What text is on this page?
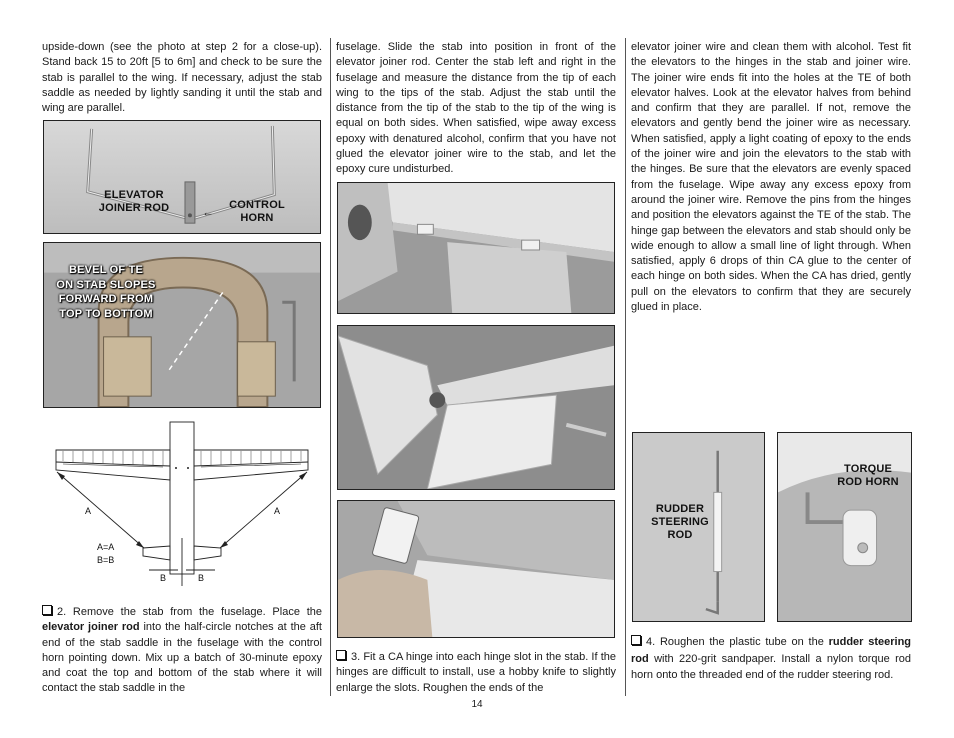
upside-down (see the photo at step 2 for a close-up). Stand back 15 to 20ft [5 to 6m] and check to be sure the stab is parallel to the wing. If necessary, adjust the stab saddle as needed by lightly sanding it until the stab and wing are parallel.

ELEVATOR
JOINER ROD	CONTROL
HORN
←
BEVEL OF TE
ON STAB SLOPES
FORWARD FROM
TOP TO BOTTOM
A	A
A=A
B=B
B	B

2. Remove the stab from the fuselage. Place the elevator joiner rod into the half-circle notches at the aft end of the stab saddle in the fuselage with the control horn pointing down. Mix up a batch of 30-minute epoxy and coat the top and bottom of the stab where it will contact the stab saddle in the

fuselage. Slide the stab into position in front of the elevator joiner rod. Center the stab left and right in the fuselage and measure the distance from the tip of each wing to the tips of the stab. Adjust the stab until the distance from the tip of the stab to the tip of the wing is equal on both sides. When satisfied, wipe away excess epoxy with denatured alcohol, confirm that you have not glued the elevator joiner wire to the stab, and let the epoxy cure undisturbed.

3. Fit a CA hinge into each hinge slot in the stab. If the hinges are difficult to install, use a hobby knife to slightly enlarge the slots. Roughen the ends of the

elevator joiner wire and clean them with alcohol. Test fit the elevators to the hinges in the stab and joiner wire. The joiner wire ends fit into the holes at the TE of both elevator halves. Look at the elevator halves from behind and confirm that they are parallel. If not, remove the elevators and gently bend the joiner wire as necessary. When satisfied, apply a light coating of epoxy to the ends of the joiner wire and join the elevators to the stab with the hinges. Be sure that the elevators are evenly spaced from the fuselage. Wipe away any excess epoxy from around the joiner wire. Remove the pins from the hinges and position the elevators against the TE of the stab. The hinge gap between the elevators and stab should only be wide enough to allow a small line of light through. When satisfied, apply 6 drops of thin CA glue to the center of each hinge on both sides. When the CA has dried, gently pull on the elevators to confirm that they are securely glued in place.

RUDDER
STEERING
ROD
TORQUE
ROD HORN

4. Roughen the plastic tube on the rudder steering rod with 220-grit sandpaper. Install a nylon torque rod horn onto the threaded end of the rudder steering rod.

14
